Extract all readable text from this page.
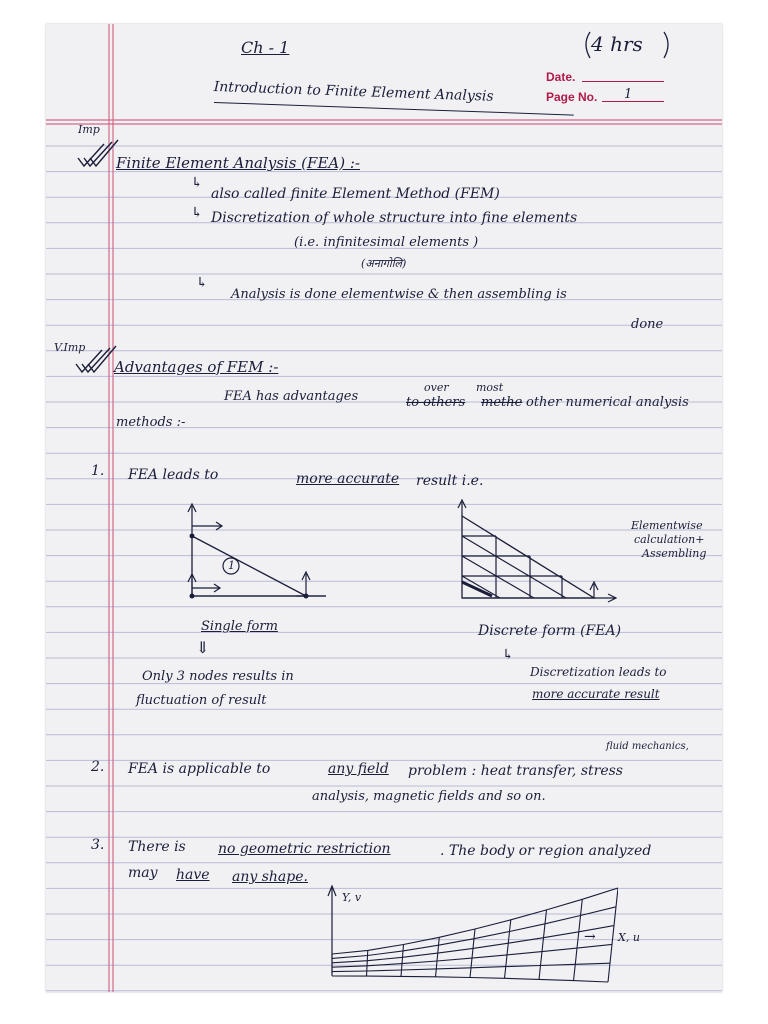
Ch - 1	4 hrs
Date.
Page No. 1
Introduction to Finite Element Analysis
Imp
Finite Element Analysis (FEA) :-
↳
also called finite Element Method (FEM)
↳ Discretization of whole structure into fine elements
(i.e. infinitesimal elements )
(अनागोलि)
↳
Analysis is done elementwise & then assembling is
done
V.Imp
Advantages of FEM :-
FEA has advantages
over
to others
most
methe other numerical analysis
methods :-
1. FEA leads to	more accurate result i.e.
1
Elementwise
calculation+
Assembling
Single form
⇓
Only 3 nodes results in
fluctuation of result
Discrete form (FEA)
↳
Discretization leads to
more accurate result
2. FEA is applicable to	any field problem : heat transfer, stress
fluid mechanics,
analysis, magnetic fields and so on.
3. There is no geometric restriction	. The body or region analyzed
may have any shape.
Y, v
→ X, u
